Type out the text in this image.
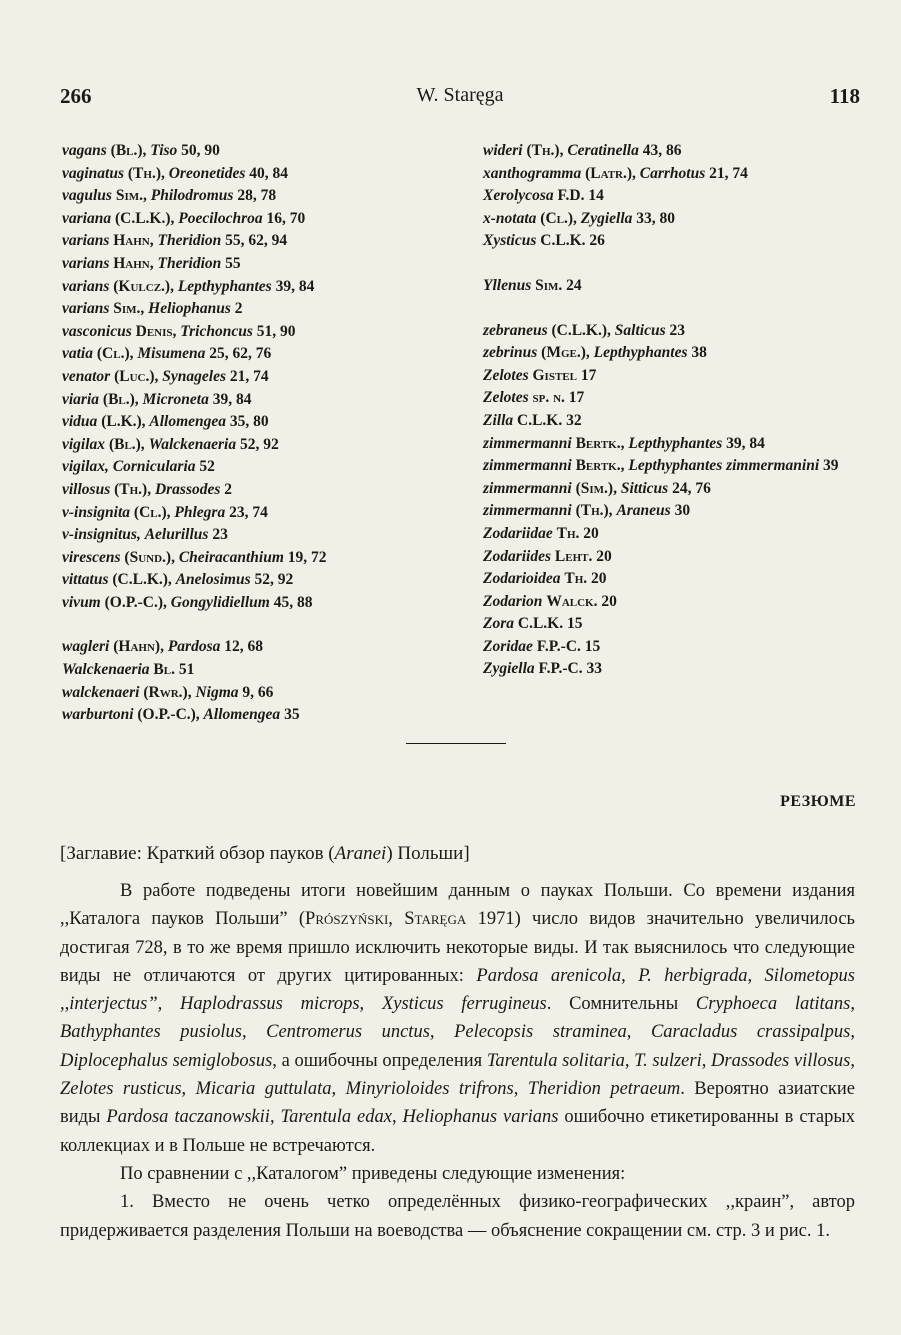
266	W. Staręga	118
vagans (Bl.), Tiso 50, 90
vaginatus (Th.), Oreonetides 40, 84
vagulus Sim., Philodromus 28, 78
variana (C.L.K.), Poecilochroa 16, 70
varians Hahn, Theridion 55, 62, 94
varians Hahn, Theridion 55
varians (Kulcz.), Lepthyphantes 39, 84
varians Sim., Heliophanus 2
vasconicus Denis, Trichoncus 51, 90
vatia (Cl.), Misumena 25, 62, 76
venator (Luc.), Synageles 21, 74
viaria (Bl.), Microneta 39, 84
vidua (L.K.), Allomengea 35, 80
vigilax (Bl.), Walckenaeria 52, 92
vigilax, Cornicularia 52
villosus (Th.), Drassodes 2
v-insignita (Cl.), Phlegra 23, 74
v-insignitus, Aelurillus 23
virescens (Sund.), Cheiracanthium 19, 72
vittatus (C.L.K.), Anelosimus 52, 92
vivum (O.P.-C.), Gongylidiellum 45, 88
wagleri (Hahn), Pardosa 12, 68
Walckenaeria Bl. 51
walckenaeri (Rwr.), Nigma 9, 66
warburtoni (O.P.-C.), Allomengea 35
wideri (Th.), Ceratinella 43, 86
xanthogramma (Latr.), Carrhotus 21, 74
Xerolycosa F.D. 14
x-notata (Cl.), Zygiella 33, 80
Xysticus C.L.K. 26
Yllenus Sim. 24
zebraneus (C.L.K.), Salticus 23
zebrinus (Mge.), Lepthyphantes 38
Zelotes Gistel 17
Zelotes sp. n. 17
Zilla C.L.K. 32
zimmermanni Bertk., Lepthyphantes 39, 84
zimmermanni Bertk., Lepthyphantes zimmermanini 39
zimmermanni (Sim.), Sitticus 24, 76
zimmermanni (Th.), Araneus 30
Zodariidae Th. 20
Zodariides Leht. 20
Zodarioidea Th. 20
Zodarion Walck. 20
Zora C.L.K. 15
Zoridae F.P.-C. 15
Zygiella F.P.-C. 33
РЕЗЮМЕ
[Заглавие: Краткий обзор пауков (Aranei) Польши]

В работе подведены итоги новейшим данным о пауках Польши. Со времени издания ,,Каталога пауков Польши” (Prószyński, Staręga 1971) число видов значительно увеличилось достигая 728, в то же время пришло исключить некоторые виды. И так выяснилось что следующие виды не отличаются от других цитированных: Pardosa arenicola, P. herbigrada, Silometopus ,,interjectus”, Haplodrassus microps, Xysticus ferrugineus. Сомнительны Cryphoeca latitans, Bathyphantes pusiolus, Centromerus unctus, Pelecopsis straminea, Caracladus crassipalpus, Diplocephalus semiglobosus, а ошибочны определения Tarentula solitaria, T. sulzeri, Drassodes villosus, Zelotes rusticus, Micaria guttulata, Minyrioloides trifrons, Theridion petraeum. Вероятно азиатские виды Pardosa taczanowskii, Tarentula edax, Heliophanus varians ошибочно етикетированны в старых коллекциах и в Польше не встречаются.

По сравнении с ,,Каталогом” приведены следующие изменения:

1. Вместо не очень четко определённых физико-географических ,,краин”, автор придерживается разделения Польши на воеводства — объяснение сокращении см. стр. 3 и рис. 1.
